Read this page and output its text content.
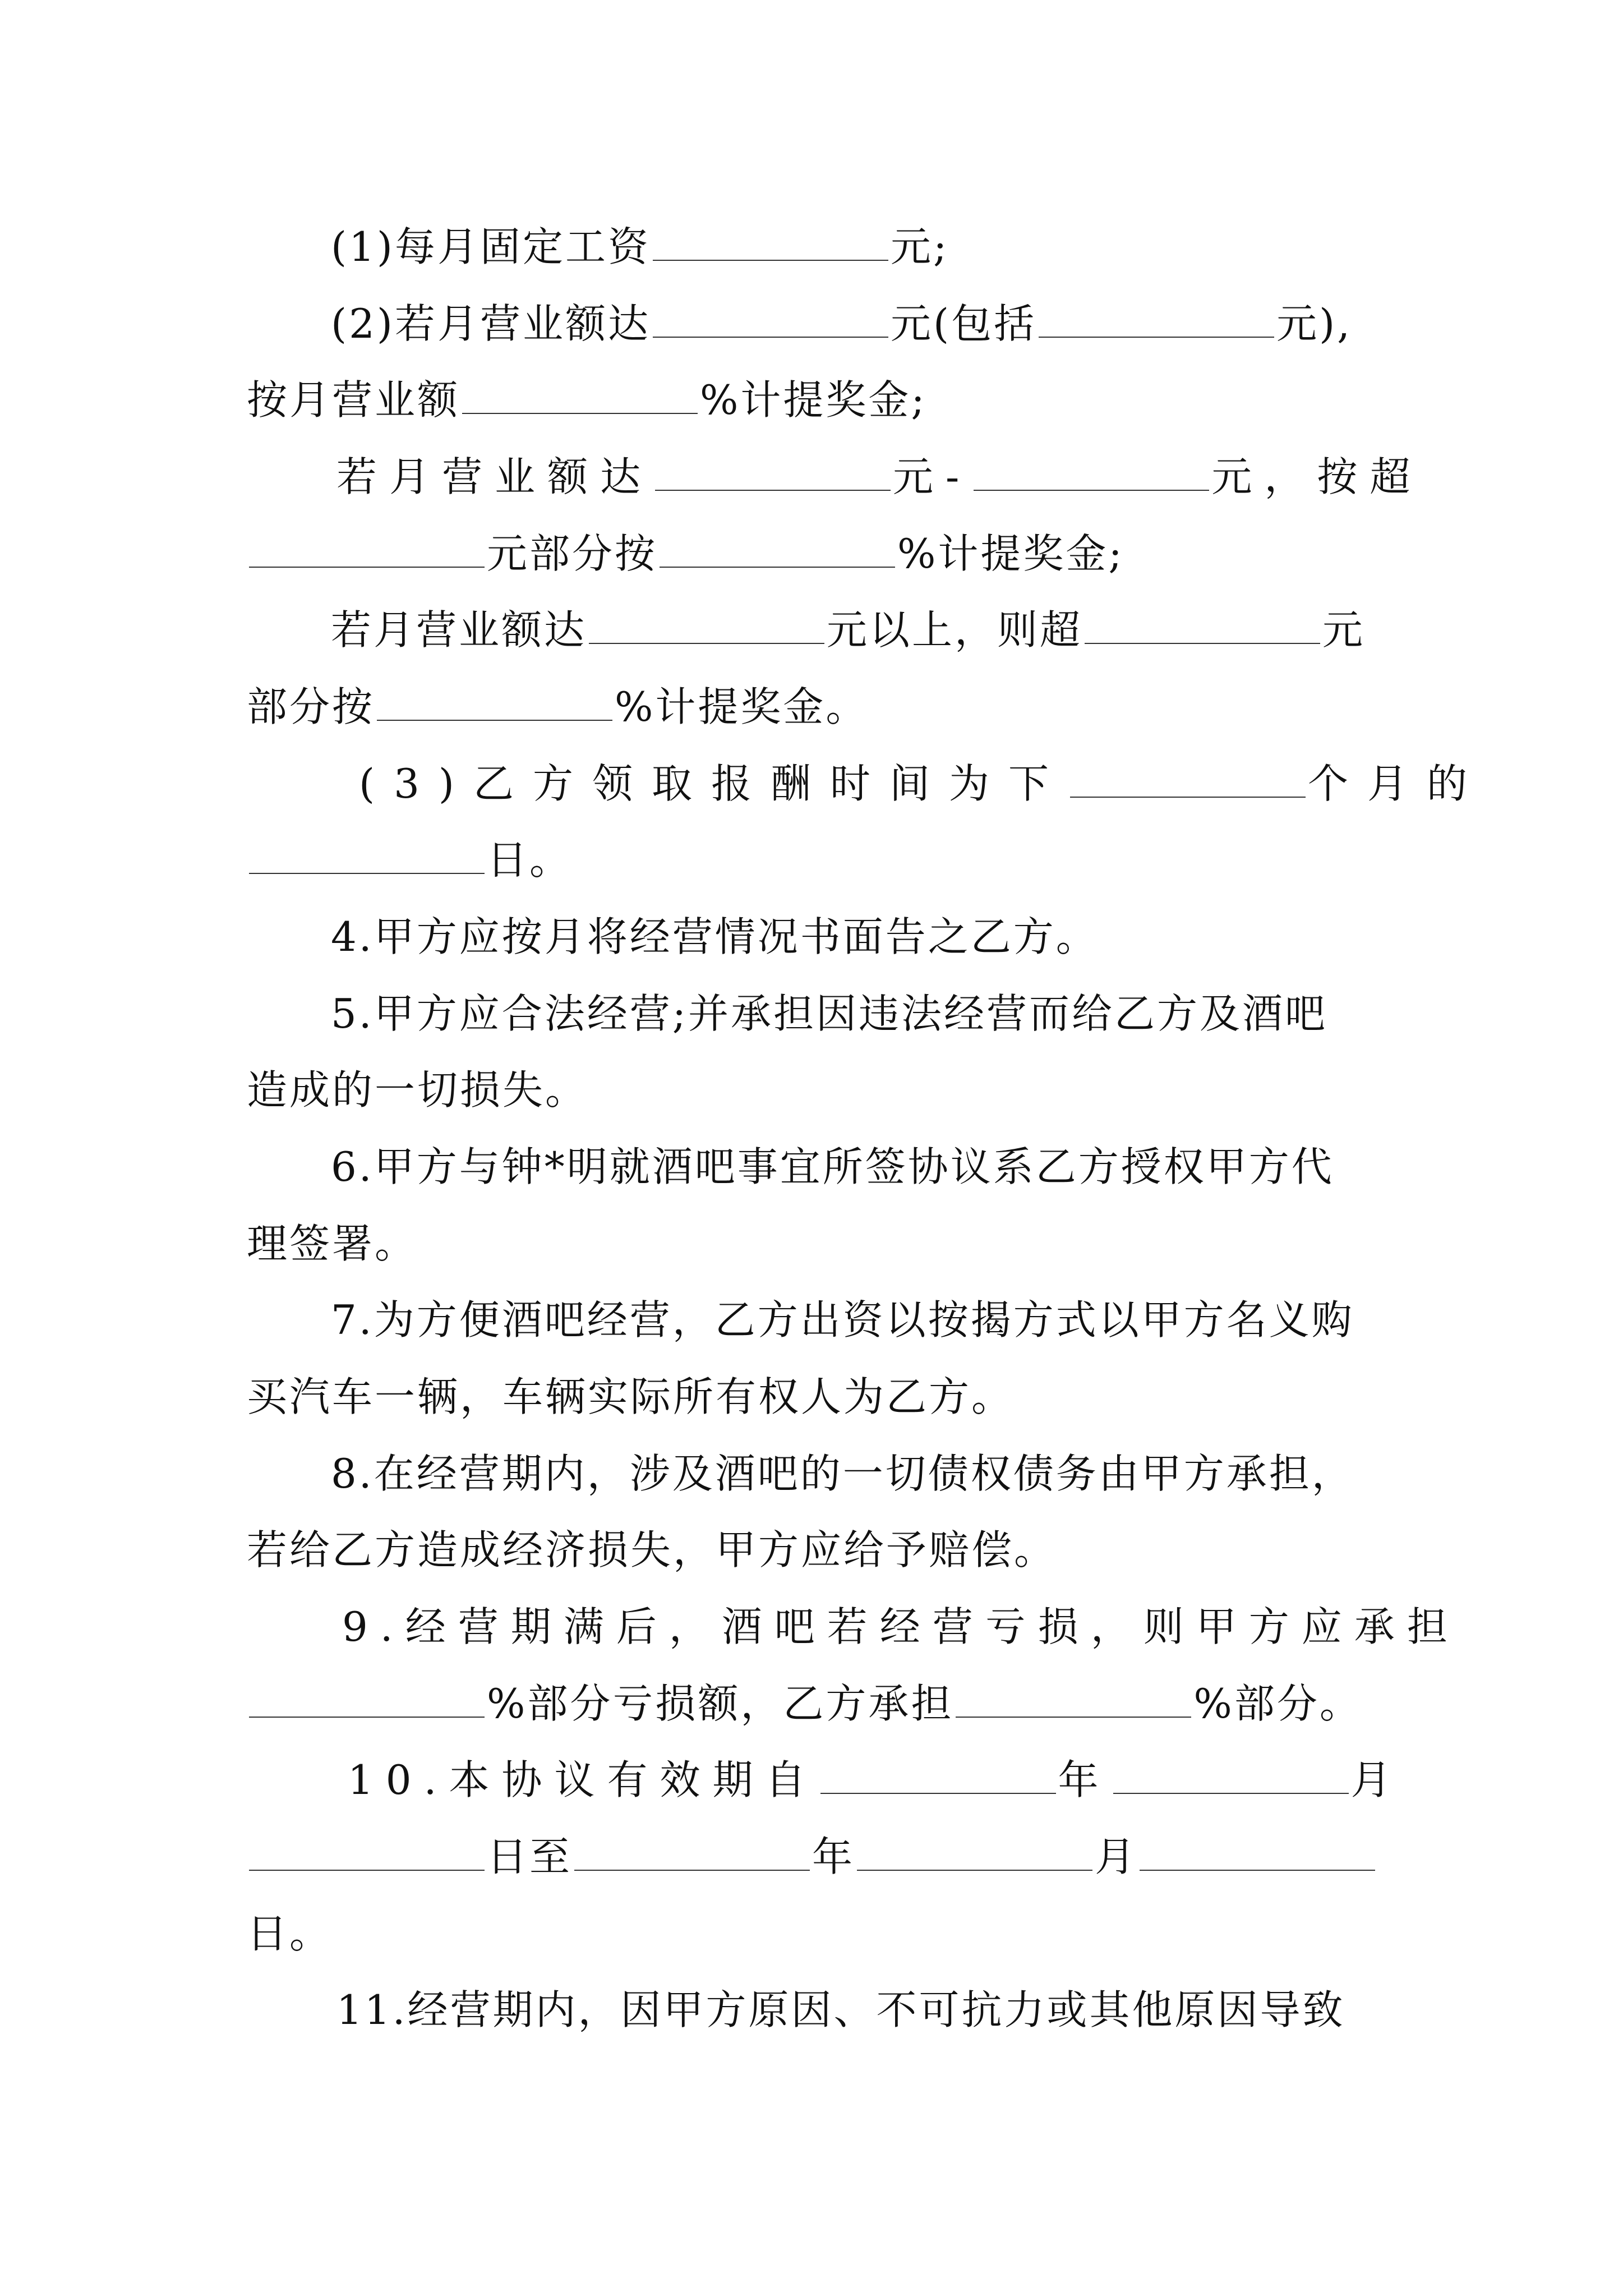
(1)每月固定工资	元;
(2)若月营业额达	元(包括	元),
按月营业额	%计提奖金;
若月营业额达	元-	元，按超
元部分按	%计提奖金;
若月营业额达	元以上，则超	元
部分按	%计提奖金。
(3)乙方领取报酬时间为下	个月的
日。
4.甲方应按月将经营情况书面告之乙方。
5.甲方应合法经营;并承担因违法经营而给乙方及酒吧
造成的一切损失。
6.甲方与钟*明就酒吧事宜所签协议系乙方授权甲方代
理签署。
7.为方便酒吧经营，乙方出资以按揭方式以甲方名义购
买汽车一辆，车辆实际所有权人为乙方。
8.在经营期内，涉及酒吧的一切债权债务由甲方承担，
若给乙方造成经济损失，甲方应给予赔偿。
9.经营期满后，酒吧若经营亏损，则甲方应承担
%部分亏损额，乙方承担	%部分。
10.本协议有效期自	年	月
日至	年	月
日。
11.经营期内，因甲方原因、不可抗力或其他原因导致
